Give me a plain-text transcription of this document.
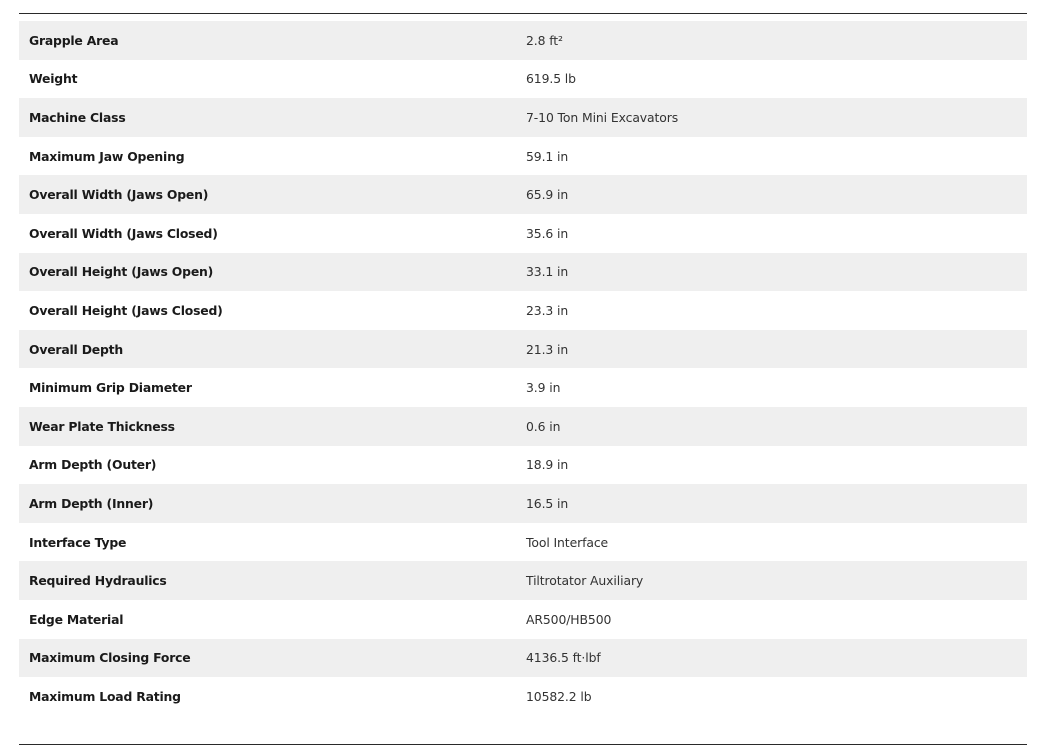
Grapple Area	2.8 ft²
Weight	619.5 lb
Machine Class	7-10 Ton Mini Excavators
Maximum Jaw Opening	59.1 in
Overall Width (Jaws Open)	65.9 in
Overall Width (Jaws Closed)	35.6 in
Overall Height (Jaws Open)	33.1 in
Overall Height (Jaws Closed)	23.3 in
Overall Depth	21.3 in
Minimum Grip Diameter	3.9 in
Wear Plate Thickness	0.6 in
Arm Depth (Outer)	18.9 in
Arm Depth (Inner)	16.5 in
Interface Type	Tool Interface
Required Hydraulics	Tiltrotator Auxiliary
Edge Material	AR500/HB500
Maximum Closing Force	4136.5 ft·lbf
Maximum Load Rating	10582.2 lb
